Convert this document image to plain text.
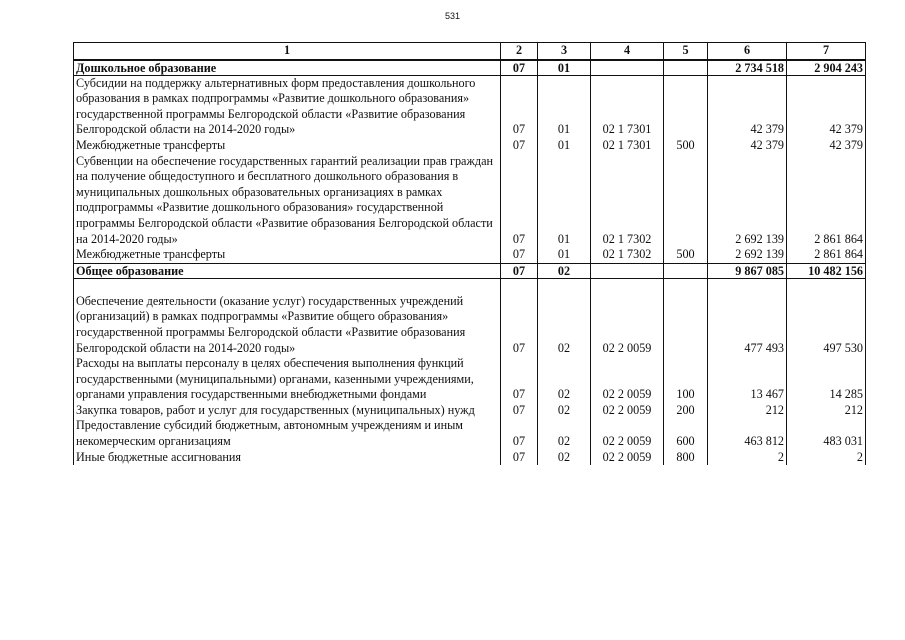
531
1	2	3	4	5	6	7
Дошкольное образование	07	01			2 734 518	2 904 243
Субсидии на поддержку альтернативных форм предоставления дошкольного образования в рамках подпрограммы «Развитие дошкольного образования» государственной программы Белгородской области «Развитие образования Белгородской области на 2014-2020 годы»	07	01	02 1 7301		42 379	42 379
Межбюджетные трансферты	07	01	02 1 7301	500	42 379	42 379
Субвенции на обеспечение государственных гарантий реализации прав граждан на получение общедоступного и бесплатного дошкольного образования в муниципальных дошкольных образовательных организациях в рамках подпрограммы «Развитие дошкольного образования» государственной программы Белгородской области «Развитие образования Белгородской области на 2014-2020 годы»	07	01	02 1 7302		2 692 139	2 861 864
Межбюджетные трансферты	07	01	02 1 7302	500	2 692 139	2 861 864
Общее образование	07	02			9 867 085	10 482 156

Обеспечение деятельности (оказание услуг) государственных учреждений (организаций) в рамках подпрограммы «Развитие общего образования» государственной программы Белгородской области «Развитие образования Белгородской области на 2014-2020 годы»	07	02	02 2 0059		477 493	497 530
Расходы на выплаты персоналу в целях обеспечения выполнения функций государственными (муниципальными) органами, казенными учреждениями, органами управления государственными внебюджетными фондами	07	02	02 2 0059	100	13 467	14 285
Закупка товаров, работ и услуг для государственных (муниципальных) нужд	07	02	02 2 0059	200	212	212
Предоставление субсидий бюджетным, автономным учреждениям и иным некомерческим организациям	07	02	02 2 0059	600	463 812	483 031
Иные бюджетные ассигнования	07	02	02 2 0059	800	2	2
